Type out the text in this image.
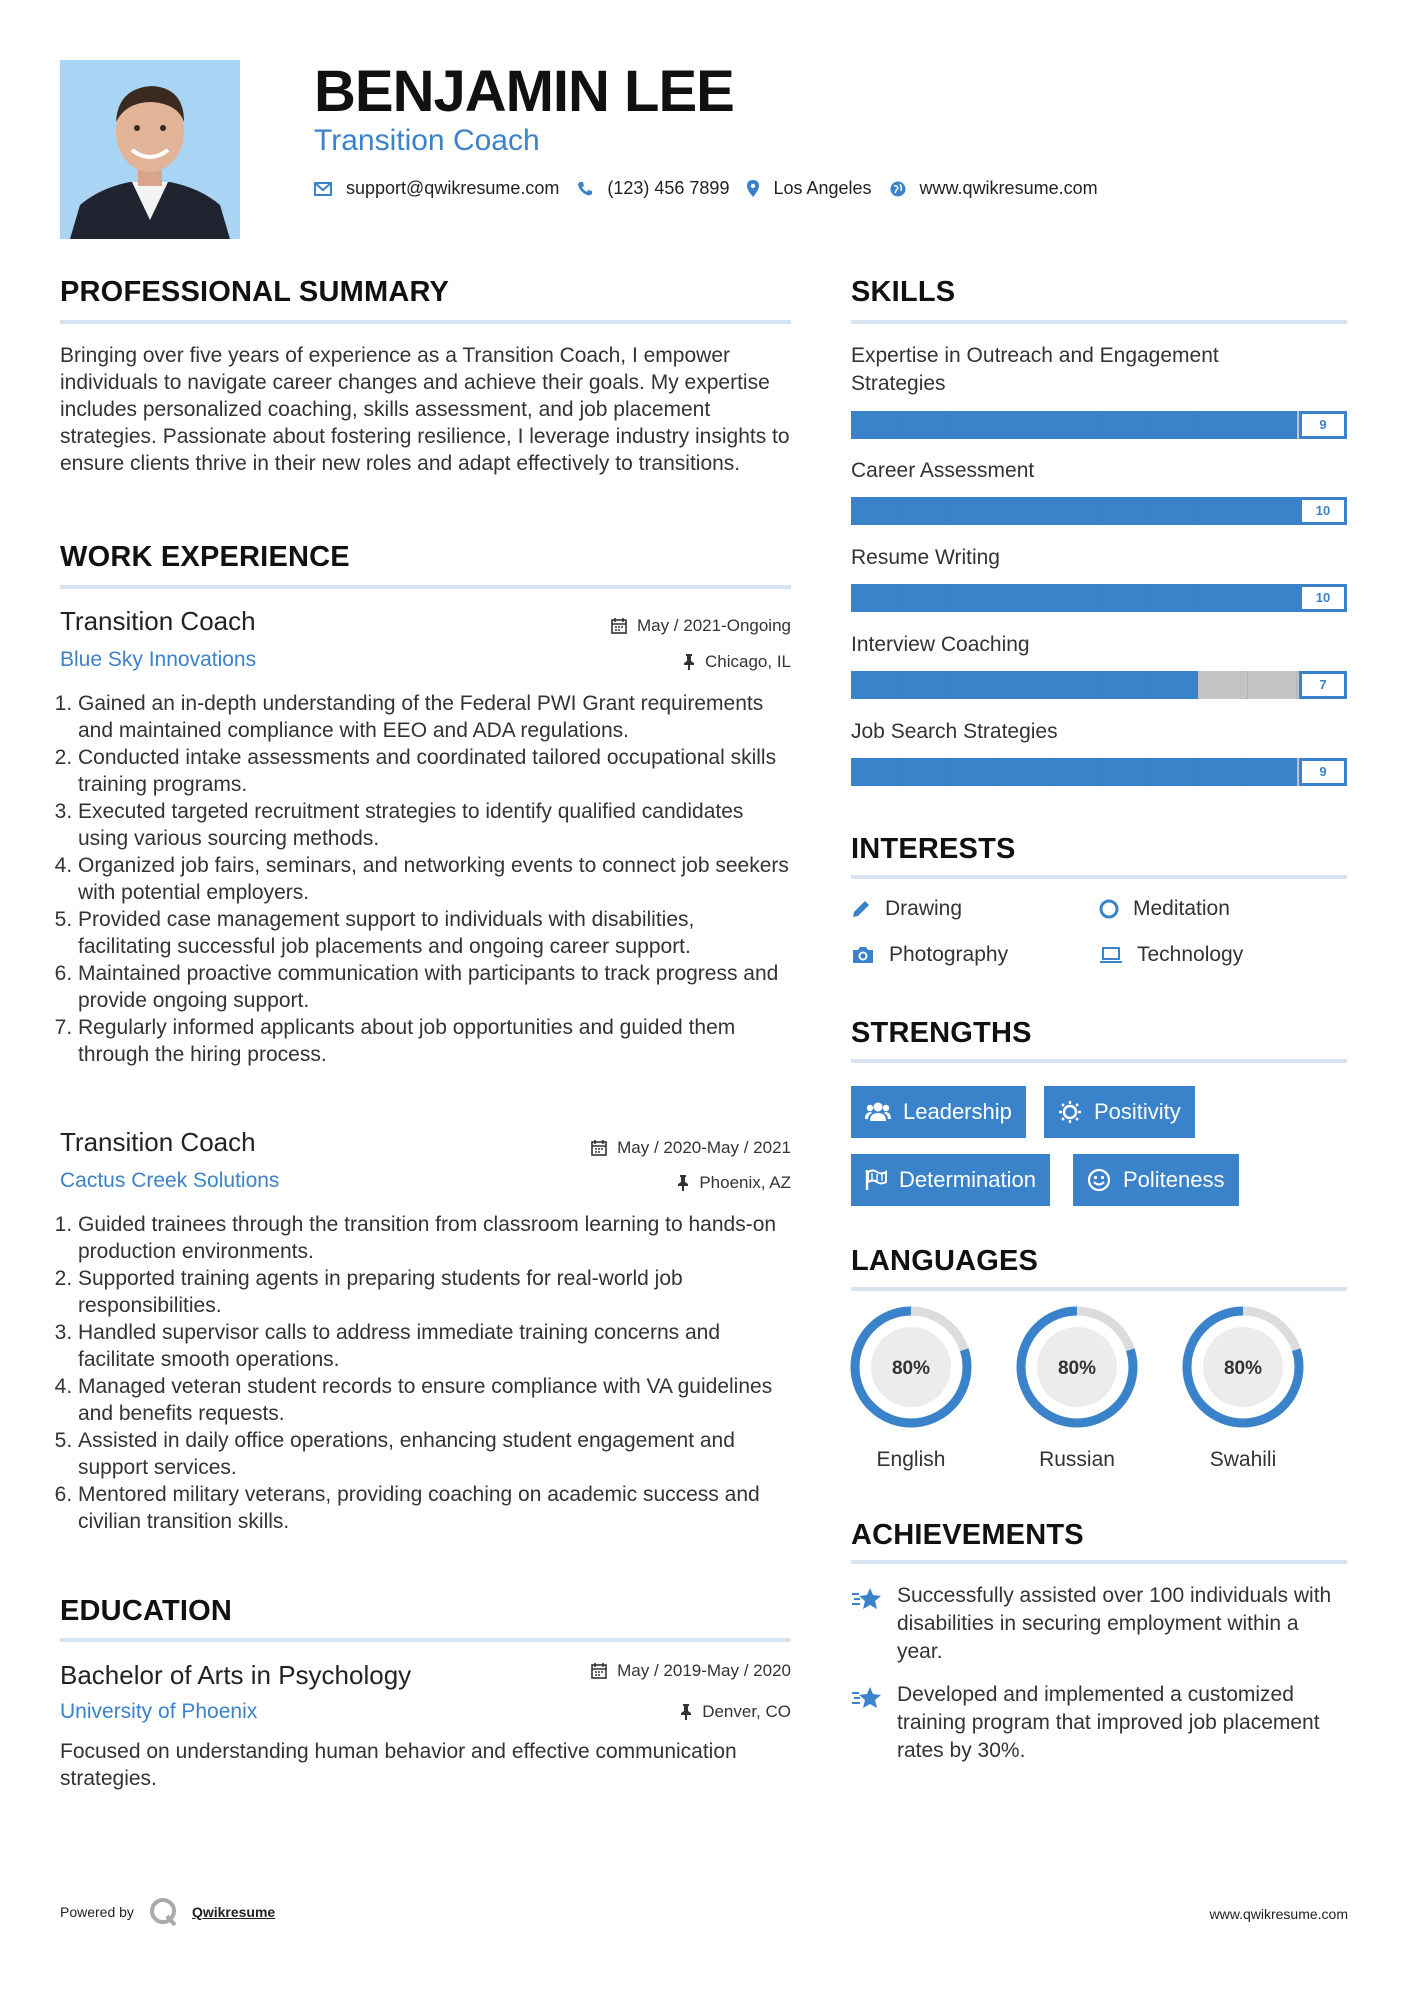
BENJAMIN LEE
Transition Coach
support@qwikresume.com	(123) 456 7899 Los Angeles	www.qwikresume.com
PROFESSIONAL SUMMARY
Bringing over five years of experience as a Transition Coach, I empower individuals to navigate career changes and achieve their goals. My expertise includes personalized coaching, skills assessment, and job placement strategies. Passionate about fostering resilience, I leverage industry insights to ensure clients thrive in their new roles and adapt effectively to transitions.
WORK EXPERIENCE
Transition Coach	May / 2021-Ongoing
Blue Sky Innovations	Chicago, IL
1. Gained an in-depth understanding of the Federal PWI Grant requirements and maintained compliance with EEO and ADA regulations.
2. Conducted intake assessments and coordinated tailored occupational skills training programs.
3. Executed targeted recruitment strategies to identify qualified candidates using various sourcing methods.
4. Organized job fairs, seminars, and networking events to connect job seekers with potential employers.
5. Provided case management support to individuals with disabilities, facilitating successful job placements and ongoing career support.
6. Maintained proactive communication with participants to track progress and provide ongoing support.
7. Regularly informed applicants about job opportunities and guided them through the hiring process.
Transition Coach	May / 2020-May / 2021
Cactus Creek Solutions	Phoenix, AZ
1. Guided trainees through the transition from classroom learning to hands-on production environments.
2. Supported training agents in preparing students for real-world job responsibilities.
3. Handled supervisor calls to address immediate training concerns and facilitate smooth operations.
4. Managed veteran student records to ensure compliance with VA guidelines and benefits requests.
5. Assisted in daily office operations, enhancing student engagement and support services.
6. Mentored military veterans, providing coaching on academic success and civilian transition skills.
EDUCATION
Bachelor of Arts in Psychology	May / 2019-May / 2020
University of Phoenix	Denver, CO
Focused on understanding human behavior and effective communication strategies.
SKILLS
Expertise in Outreach and Engagement Strategies
9
Career Assessment
10
Resume Writing
10
Interview Coaching
7
Job Search Strategies
9
INTERESTS
Drawing	Meditation
Photography	Technology
STRENGTHS
Leadership	Positivity
Determination	Politeness
LANGUAGES
80%
English
80%
Russian
80%
Swahili
ACHIEVEMENTS
Successfully assisted over 100 individuals with disabilities in securing employment within a year.
Developed and implemented a customized training program that improved job placement rates by 30%.
Powered by	Qwikresume	www.qwikresume.com
